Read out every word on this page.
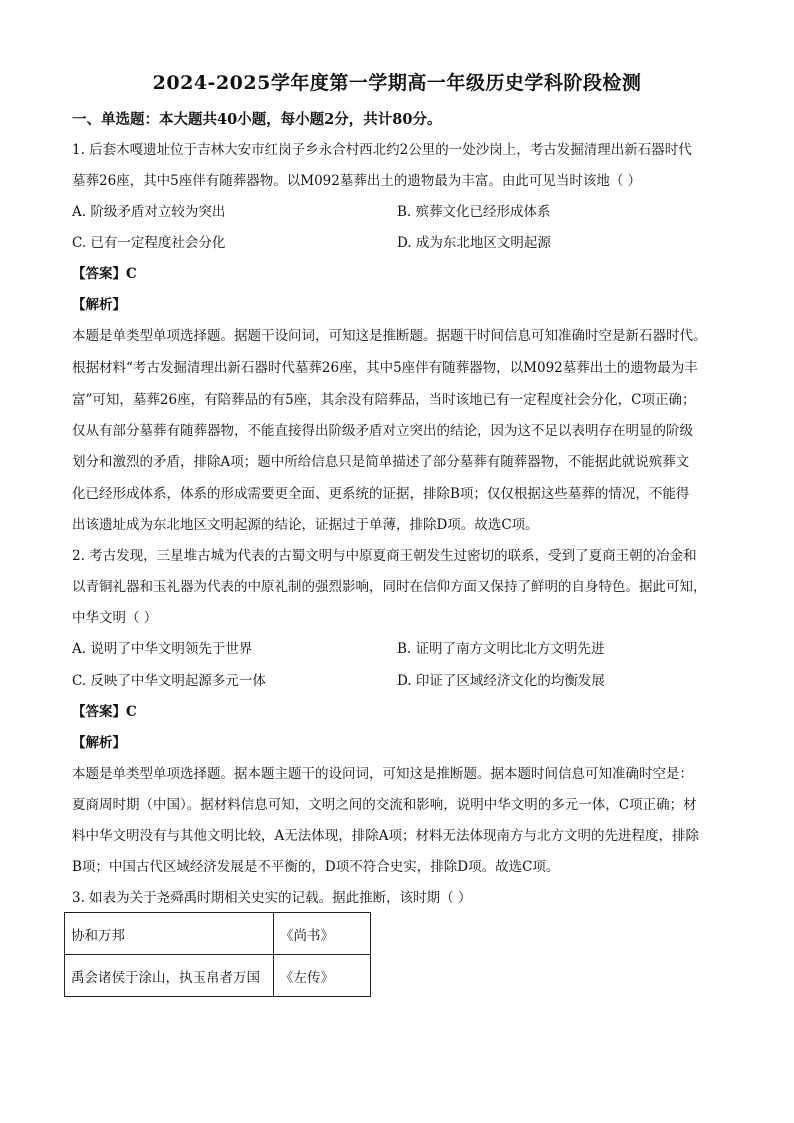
2024-2025学年度第一学期高一年级历史学科阶段检测
一、单选题：本大题共40小题，每小题2分，共计80分。
1. 后套木嘎遗址位于吉林大安市红岗子乡永合村西北约2公里的一处沙岗上，考古发掘清理出新石器时代
墓葬26座，其中5座伴有随葬器物。以M092墓葬出土的遗物最为丰富。由此可见当时该地（ ）
A. 阶级矛盾对立较为突出	B. 殡葬文化已经形成体系
C. 已有一定程度社会分化	D. 成为东北地区文明起源
【答案】C
【解析】
本题是单类型单项选择题。据题干设问词，可知这是推断题。据题干时间信息可知准确时空是新石器时代。
根据材料“考古发掘清理出新石器时代墓葬26座，其中5座伴有随葬器物，以M092墓葬出土的遗物最为丰
富”可知，墓葬26座，有陪葬品的有5座，其余没有陪葬品，当时该地已有一定程度社会分化，C项正确；
仅从有部分墓葬有随葬器物，不能直接得出阶级矛盾对立突出的结论，因为这不足以表明存在明显的阶级
划分和激烈的矛盾，排除A项；题中所给信息只是简单描述了部分墓葬有随葬器物，不能据此就说殡葬文
化已经形成体系，体系的形成需要更全面、更系统的证据，排除B项；仅仅根据这些墓葬的情况，不能得
出该遗址成为东北地区文明起源的结论，证据过于单薄，排除D项。故选C项。
2. 考古发现，三星堆古城为代表的古蜀文明与中原夏商王朝发生过密切的联系，受到了夏商王朝的冶金和
以青铜礼器和玉礼器为代表的中原礼制的强烈影响，同时在信仰方面又保持了鲜明的自身特色。据此可知，
中华文明（ ）
A. 说明了中华文明领先于世界	B. 证明了南方文明比北方文明先进
C. 反映了中华文明起源多元一体	D. 印证了区域经济文化的均衡发展
【答案】C
【解析】
本题是单类型单项选择题。据本题主题干的设问词，可知这是推断题。据本题时间信息可知准确时空是：
夏商周时期（中国）。据材料信息可知，文明之间的交流和影响，说明中华文明的多元一体，C项正确；材
料中华文明没有与其他文明比较，A无法体现，排除A项；材料无法体现南方与北方文明的先进程度，排除
B项；中国古代区域经济发展是不平衡的，D项不符合史实，排除D项。故选C项。
3. 如表为关于尧舜禹时期相关史实的记载。据此推断，该时期（ ）
协和万邦	《尚书》
禹会诸侯于涂山，执玉帛者万国	《左传》
